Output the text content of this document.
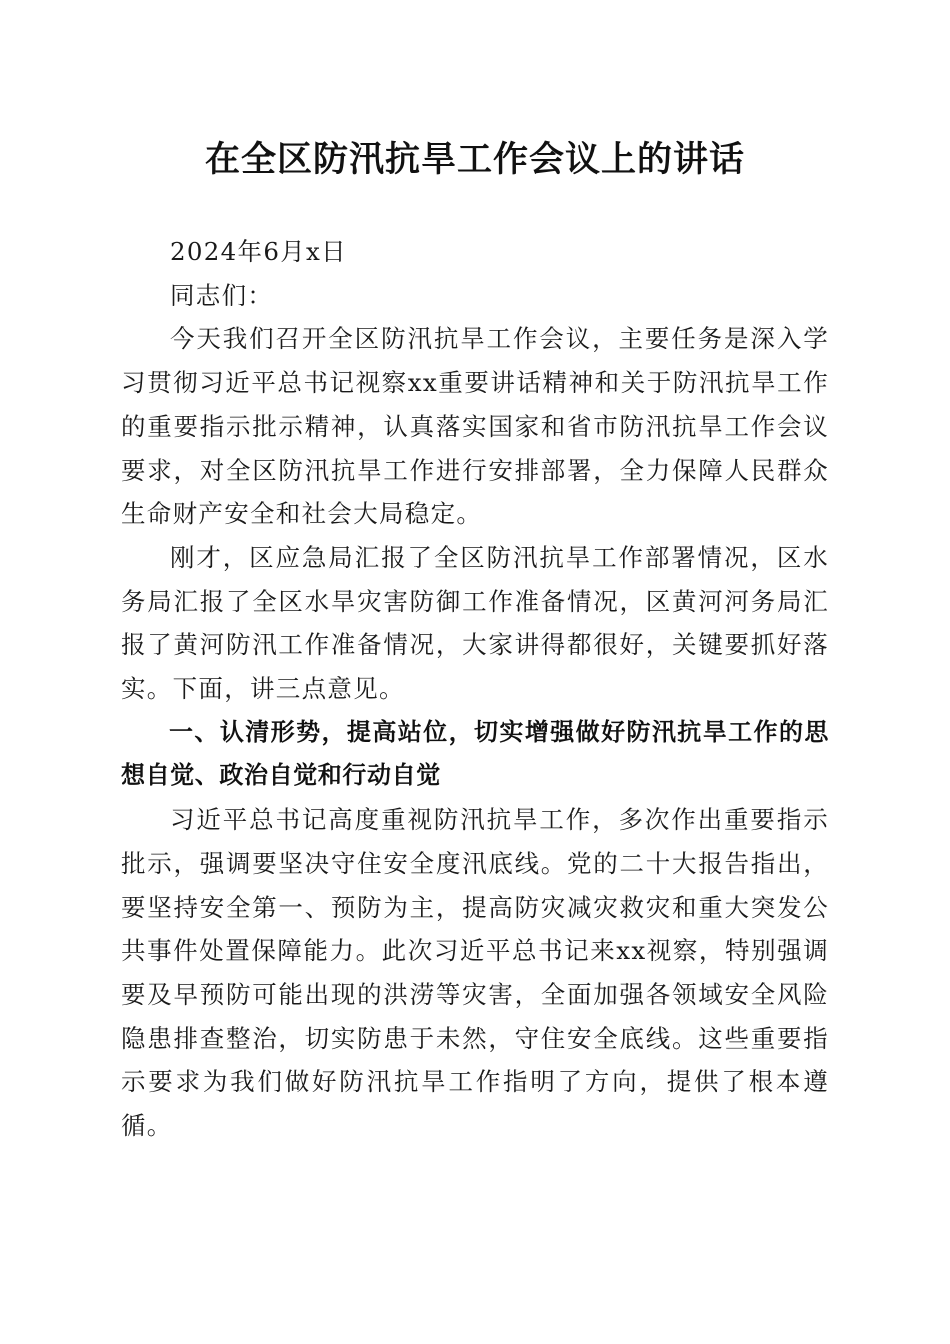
在全区防汛抗旱工作会议上的讲话

2024年6月x日

同志们：

今天我们召开全区防汛抗旱工作会议，主要任务是深入学习贯彻习近平总书记视察xx重要讲话精神和关于防汛抗旱工作的重要指示批示精神，认真落实国家和省市防汛抗旱工作会议要求，对全区防汛抗旱工作进行安排部署，全力保障人民群众生命财产安全和社会大局稳定。

刚才，区应急局汇报了全区防汛抗旱工作部署情况，区水务局汇报了全区水旱灾害防御工作准备情况，区黄河河务局汇报了黄河防汛工作准备情况，大家讲得都很好，关键要抓好落实。下面，讲三点意见。

一、认清形势，提高站位，切实增强做好防汛抗旱工作的思想自觉、政治自觉和行动自觉

习近平总书记高度重视防汛抗旱工作，多次作出重要指示批示，强调要坚决守住安全度汛底线。党的二十大报告指出，要坚持安全第一、预防为主，提高防灾减灾救灾和重大突发公共事件处置保障能力。此次习近平总书记来xx视察，特别强调要及早预防可能出现的洪涝等灾害，全面加强各领域安全风险隐患排查整治，切实防患于未然，守住安全底线。这些重要指示要求为我们做好防汛抗旱工作指明了方向，提供了根本遵循。
